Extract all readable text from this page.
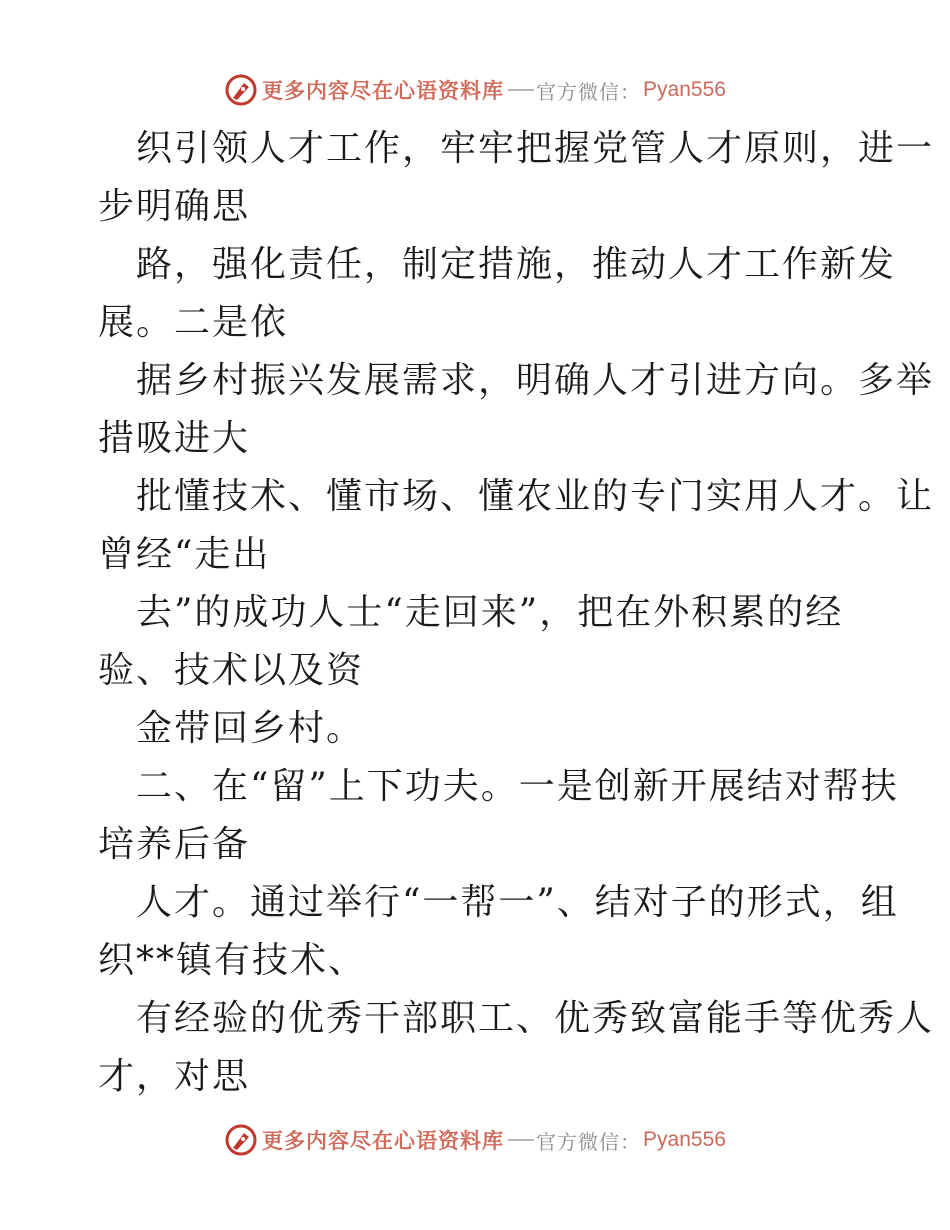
更多内容尽在心语资料库 官方微信： Pyan556
织引领人才工作，牢牢把握党管人才原则，进一
步明确思
路，强化责任，制定措施，推动人才工作新发
展。二是依
据乡村振兴发展需求，明确人才引进方向。多举
措吸进大
批懂技术、懂市场、懂农业的专门实用人才。让
曾经“走出
去”的成功人士“走回来”，把在外积累的经
验、技术以及资
金带回乡村。
二、在“留”上下功夫。一是创新开展结对帮扶
培养后备
人才。通过举行“一帮一”、结对子的形式，组
织**镇有技术、
有经验的优秀干部职工、优秀致富能手等优秀人
才，对思
更多内容尽在心语资料库 官方微信： Pyan556
